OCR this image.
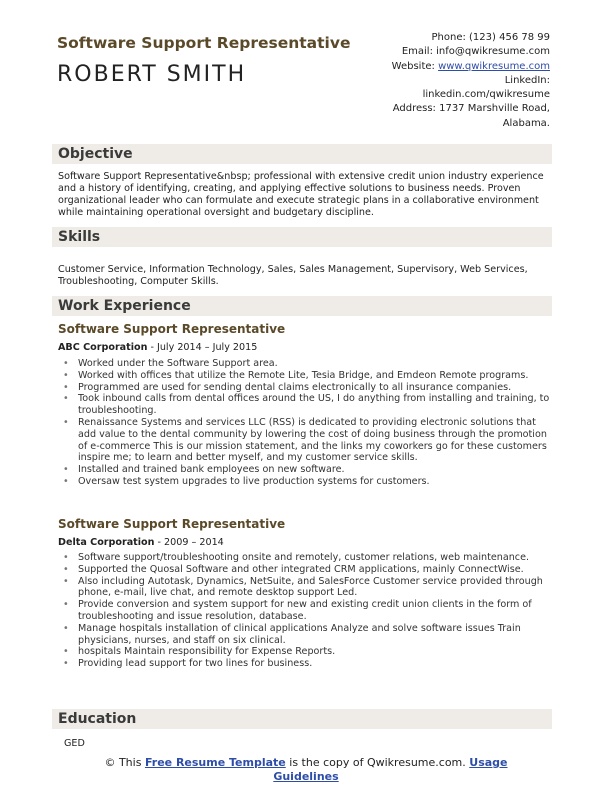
Software Support Representative
ROBERT SMITH
Phone: (123) 456 78 99
Email: info@qwikresume.com
Website: www.qwikresume.com
LinkedIn:
linkedin.com/qwikresume
Address: 1737 Marshville Road,
Alabama.
Objective
Software Support Representative&nbsp; professional with extensive credit union industry experience and a history of identifying, creating, and applying effective solutions to business needs. Proven organizational leader who can formulate and execute strategic plans in a collaborative environment while maintaining operational oversight and budgetary discipline.
Skills
Customer Service, Information Technology, Sales, Sales Management, Supervisory, Web Services, Troubleshooting, Computer Skills.
Work Experience
Software Support Representative
ABC Corporation - July 2014 – July 2015
• Worked under the Software Support area.
• Worked with offices that utilize the Remote Lite, Tesia Bridge, and Emdeon Remote programs.
• Programmed are used for sending dental claims electronically to all insurance companies.
• Took inbound calls from dental offices around the US, I do anything from installing and training, to troubleshooting.
• Renaissance Systems and services LLC (RSS) is dedicated to providing electronic solutions that add value to the dental community by lowering the cost of doing business through the promotion of e-commerce This is our mission statement, and the links my coworkers go for these customers inspire me; to learn and better myself, and my customer service skills.
• Installed and trained bank employees on new software.
• Oversaw test system upgrades to live production systems for customers.
Software Support Representative
Delta Corporation - 2009 – 2014
• Software support/troubleshooting onsite and remotely, customer relations, web maintenance.
• Supported the Quosal Software and other integrated CRM applications, mainly ConnectWise.
• Also including Autotask, Dynamics, NetSuite, and SalesForce Customer service provided through phone, e-mail, live chat, and remote desktop support Led.
• Provide conversion and system support for new and existing credit union clients in the form of troubleshooting and issue resolution, database.
• Manage hospitals installation of clinical applications Analyze and solve software issues Train physicians, nurses, and staff on six clinical.
• hospitals Maintain responsibility for Expense Reports.
• Providing lead support for two lines for business.
Education
GED
© This Free Resume Template is the copy of Qwikresume.com. Usage
Guidelines
